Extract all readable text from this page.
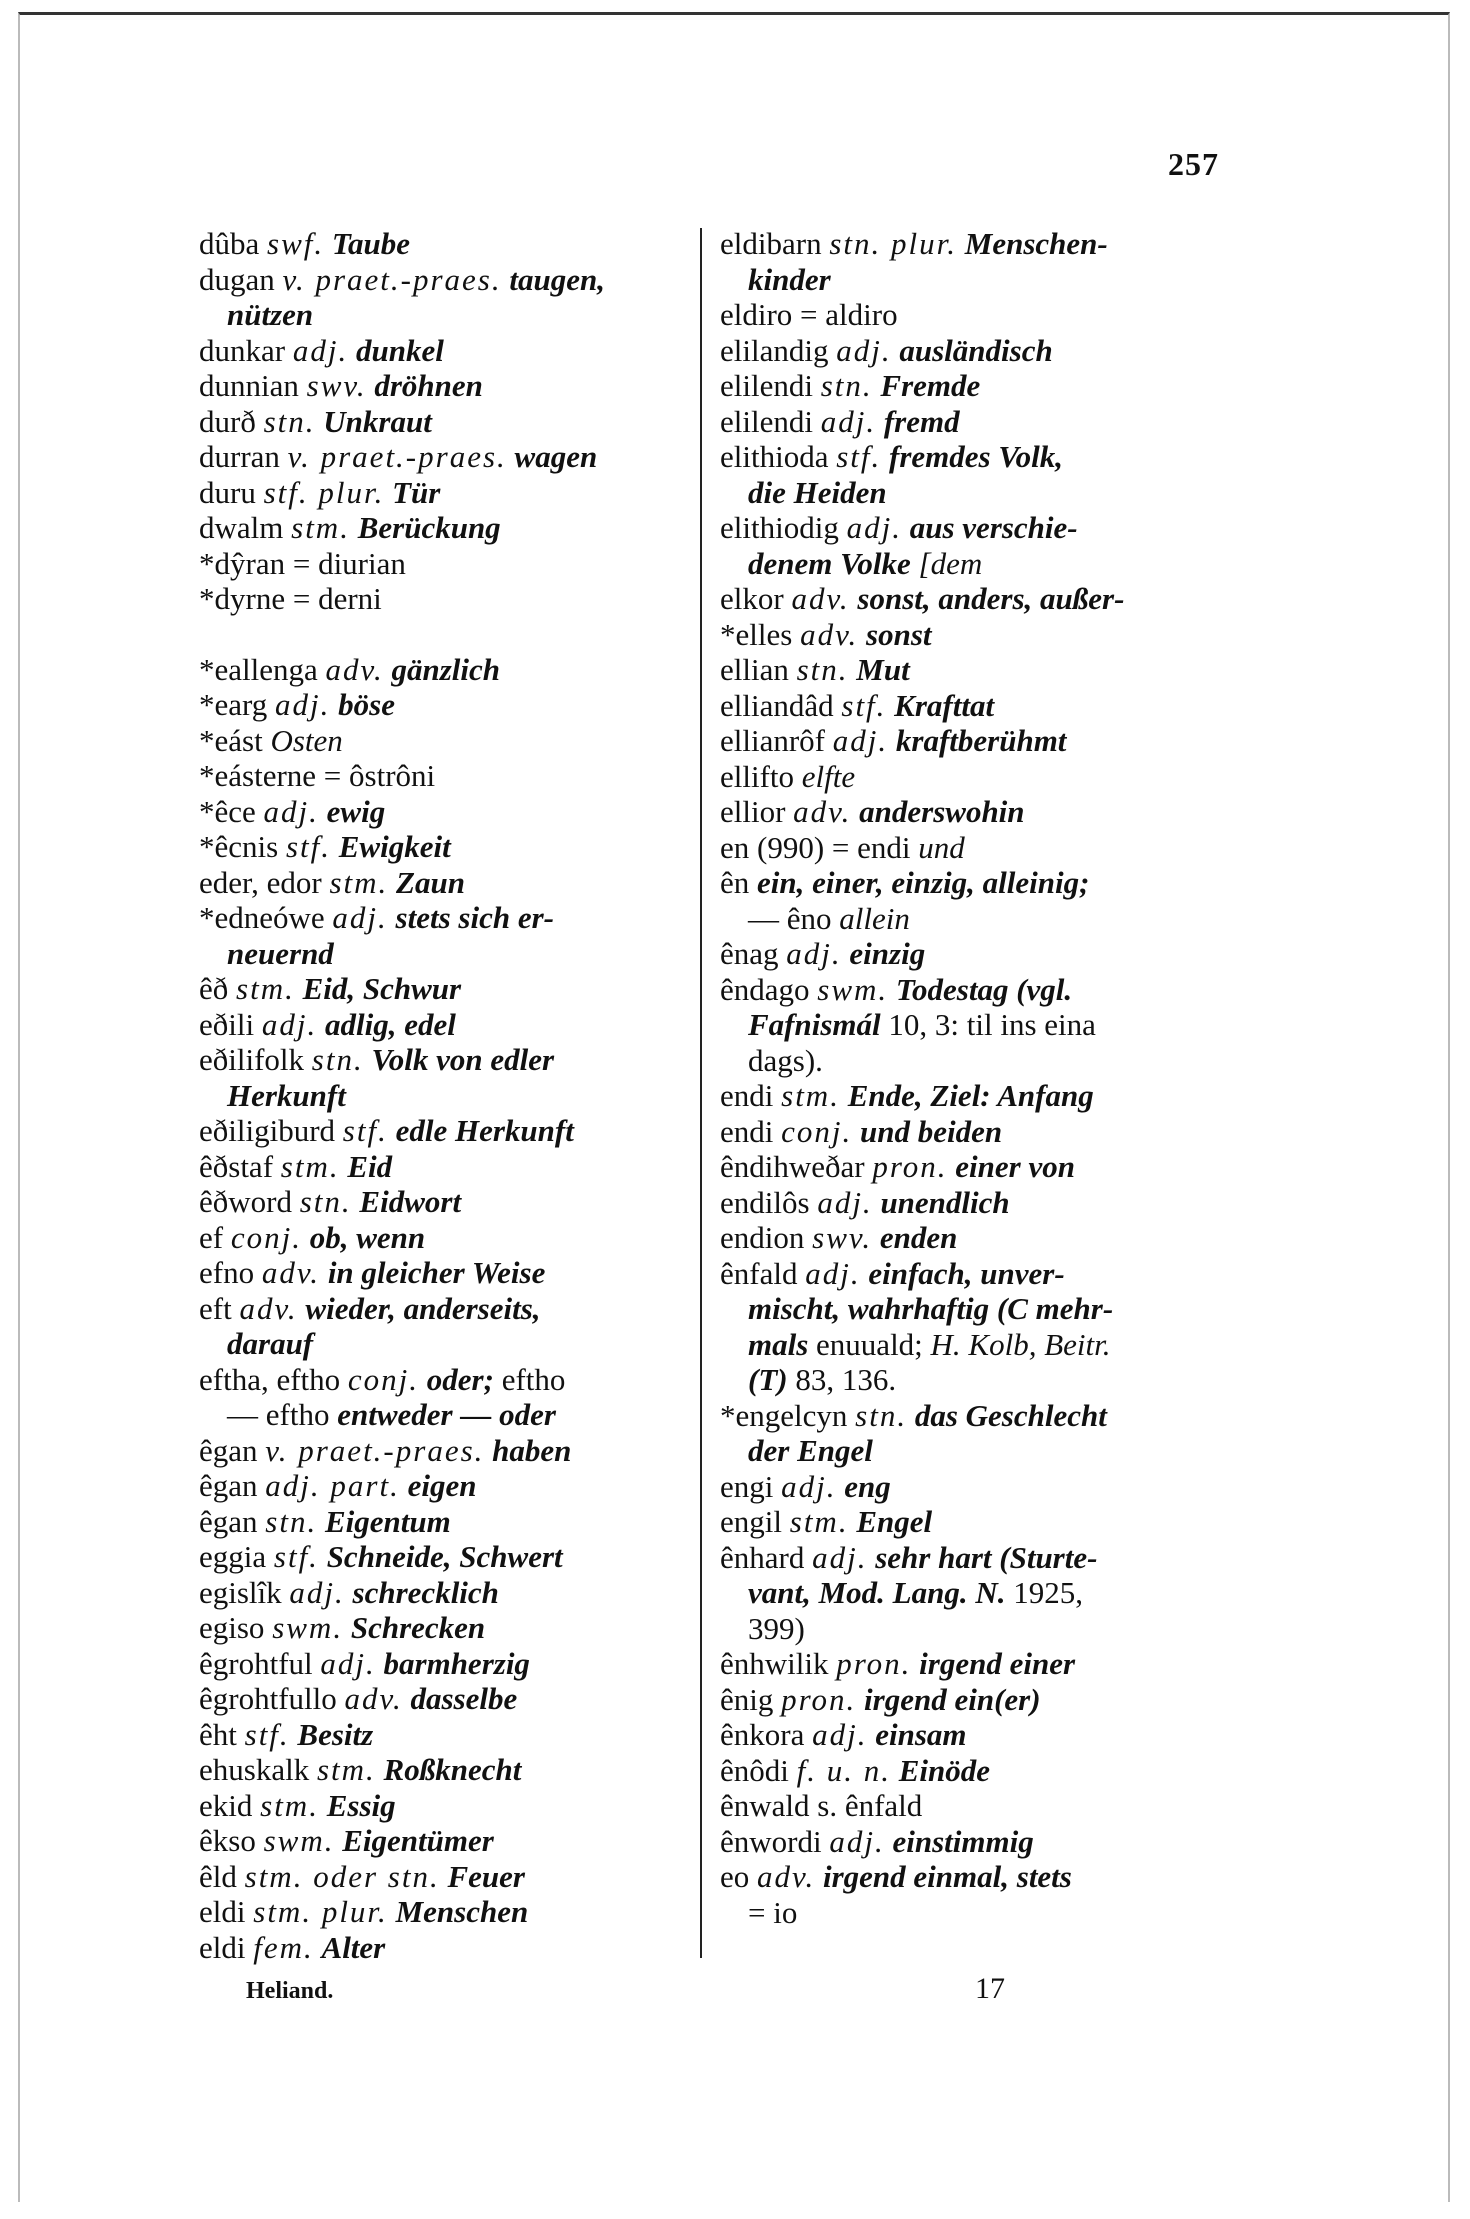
257
dûba swf. Taube
dugan v. praet.-praes. taugen,
nützen
dunkar adj. dunkel
dunnian swv. dröhnen
durð stn. Unkraut
durran v. praet.-praes. wagen
duru stf. plur. Tür
dwalm stm. Berückung
*dŷran = diurian
*dyrne = derni
*eallenga adv. gänzlich
*earg adj. böse
*eást Osten
*eásterne = ôstrôni
*êce adj. ewig
*êcnis stf. Ewigkeit
eder, edor stm. Zaun
*edneówe adj. stets sich er-
neuernd
êð stm. Eid, Schwur
eðili adj. adlig, edel
eðilifolk stn. Volk von edler
Herkunft
eðiligiburd stf. edle Herkunft
êðstaf stm. Eid
êðword stn. Eidwort
ef conj. ob, wenn
efno adv. in gleicher Weise
eft adv. wieder, anderseits,
darauf
eftha, eftho conj. oder; eftho
— eftho entweder — oder
êgan v. praet.-praes. haben
êgan adj. part. eigen
êgan stn. Eigentum
eggia stf. Schneide, Schwert
egislîk adj. schrecklich
egiso swm. Schrecken
êgrohtful adj. barmherzig
êgrohtfullo adv. dasselbe
êht stf. Besitz
ehuskalk stm. Roßknecht
ekid stm. Essig
êkso swm. Eigentümer
êld stm. oder stn. Feuer
eldi stm. plur. Menschen
eldi fem. Alter
eldibarn stn. plur. Menschen-
kinder
eldiro = aldiro
elilandig adj. ausländisch
elilendi stn. Fremde
elilendi adj. fremd
elithioda stf. fremdes Volk,
die Heiden
elithiodig adj. aus verschie-
denem Volke [dem
elkor adv. sonst, anders, außer-
*elles adv. sonst
ellian stn. Mut
elliandâd stf. Krafttat
ellianrôf adj. kraftberühmt
ellifto elfte
ellior adv. anderswohin
en (990) = endi und
ên ein, einer, einzig, alleinig;
— êno allein
ênag adj. einzig
êndago swm. Todestag (vgl.
Fafnismál 10, 3: til ins eina
dags).
endi stm. Ende, Ziel: Anfang
endi conj. und beiden
êndihweðar pron. einer von
endilôs adj. unendlich
endion swv. enden
ênfald adj. einfach, unver-
mischt, wahrhaftig (C mehr-
mals enuuald; H. Kolb, Beitr.
(T) 83, 136.
*engelcyn stn. das Geschlecht
der Engel
engi adj. eng
engil stm. Engel
ênhard adj. sehr hart (Sturte-
vant, Mod. Lang. N. 1925,
399)
ênhwilik pron. irgend einer
ênig pron. irgend ein(er)
ênkora adj. einsam
ênôdi f. u. n. Einöde
ênwald s. ênfald
ênwordi adj. einstimmig
eo adv. irgend einmal, stets
= io
Heliand.	17
